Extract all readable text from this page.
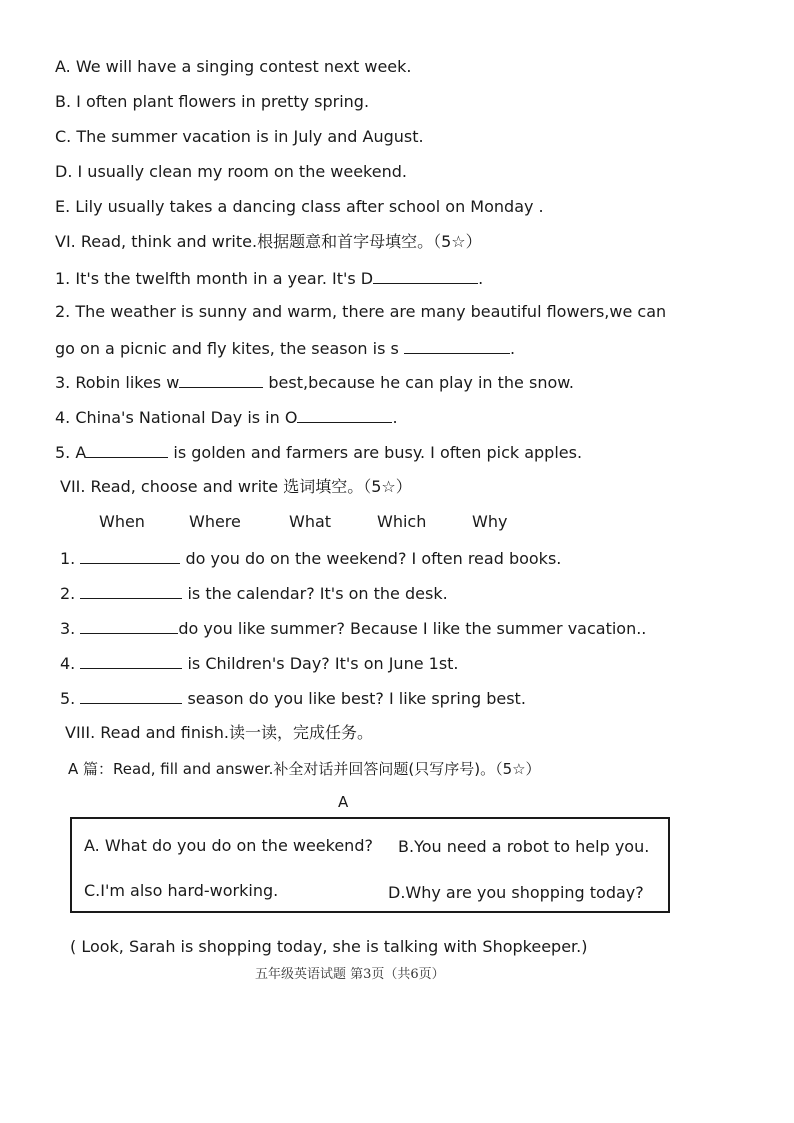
A. We will have a singing contest next week.
B. I often plant flowers in pretty spring.
C. The summer vacation is in July and August.
D. I usually clean my room on the weekend.
E. Lily usually takes a dancing class after school on Monday .
VI. Read, think and write.根据题意和首字母填空。（5☆）
1. It's the twelfth month in a year. It's D	.
2. The weather is sunny and warm, there are many beautiful flowers,we can
go on a picnic and fly kites, the season is s	.
3. Robin likes w	best,because he can play in the snow.
4. China's National Day is in O	.
5. A	is golden and farmers are busy. I often pick apples.
VII. Read, choose and write 选词填空。（5☆）
When	Where	What	Which	Why
1.	do you do on the weekend? I often read books.
2.	is the calendar? It's on the desk.
3.	do you like summer? Because I like the summer vacation..
4.	is Children's Day? It's on June 1st.
5.	season do you like best? I like spring best.
VIII. Read and finish.读一读，完成任务。
A 篇：Read, fill and answer.补全对话并回答问题(只写序号)。（5☆）
A
A. What do you do on the weekend? B.You need a robot to help you.
C.I'm also hard-working.	D.Why are you shopping today?
( Look, Sarah is shopping today, she is talking with Shopkeeper.)
五年级英语试题 第3页（共6页）
